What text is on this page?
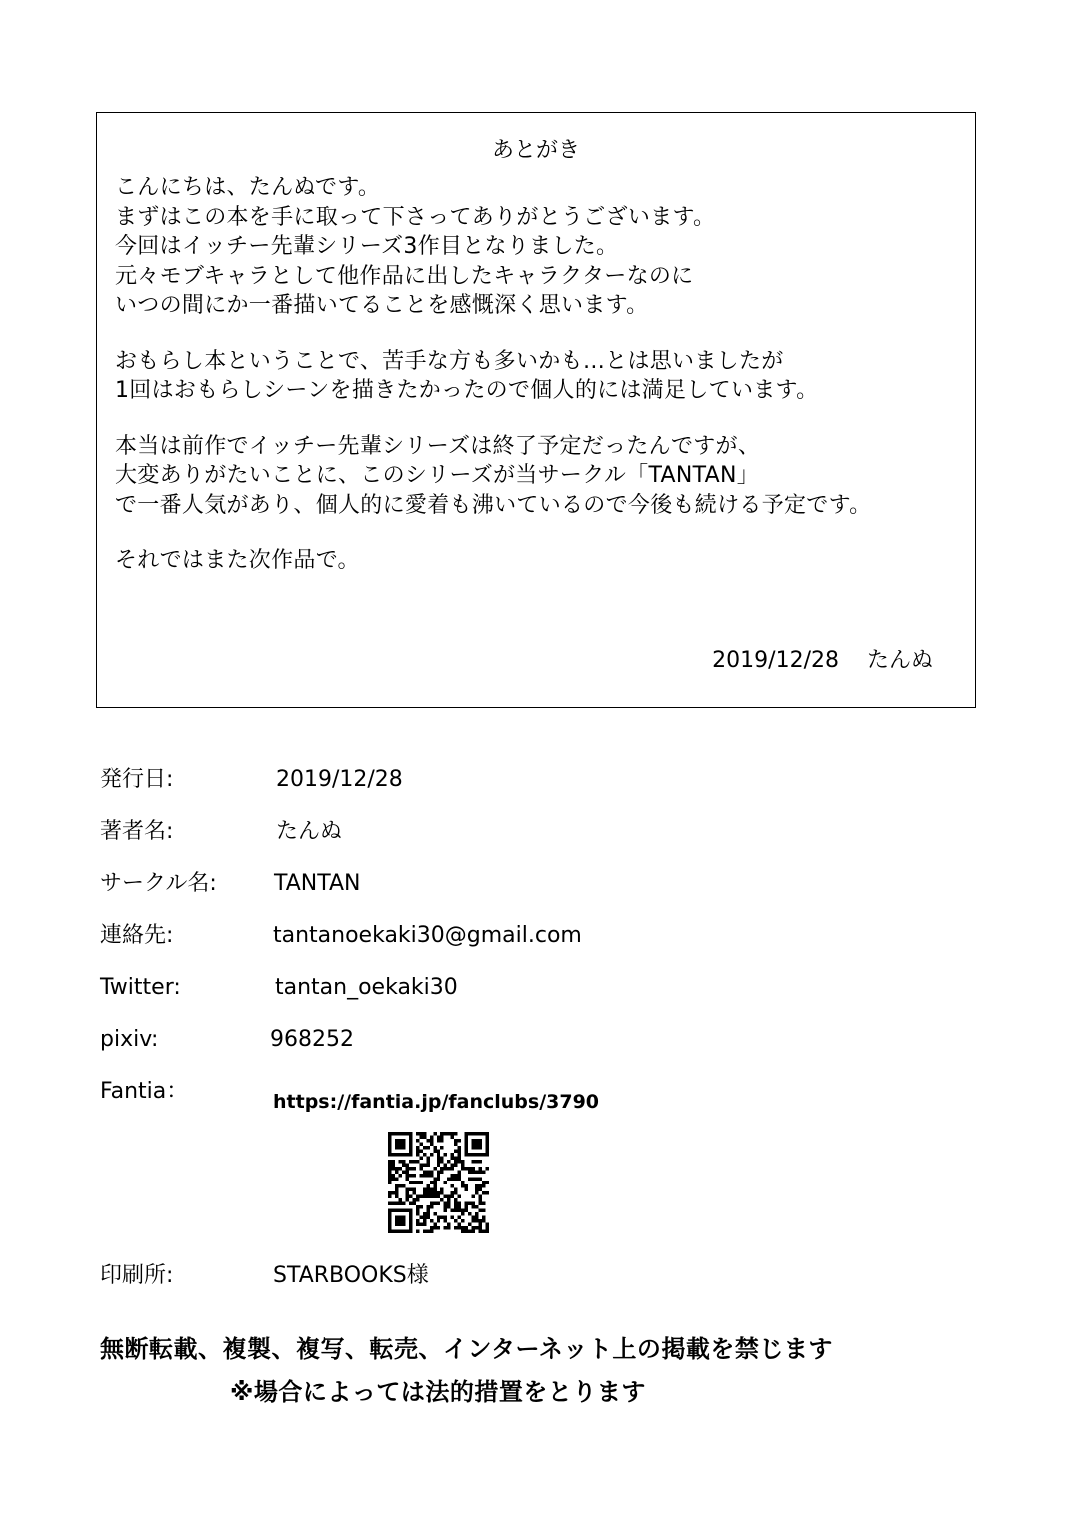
あとがき
こんにちは、たんぬです。
まずはこの本を手に取って下さってありがとうございます。
今回はイッチー先輩シリーズ3作目となりました。
元々モブキャラとして他作品に出したキャラクターなのに
いつの間にか一番描いてることを感慨深く思います。
おもらし本ということで、苦手な方も多いかも…とは思いましたが
1回はおもらしシーンを描きたかったので個人的には満足しています。
本当は前作でイッチー先輩シリーズは終了予定だったんですが、
大変ありがたいことに、このシリーズが当サークル「TANTAN」
で一番人気があり、個人的に愛着も沸いているので今後も続ける予定です。
それではまた次作品で。
2019/12/28 たんぬ
発行日:	2019/12/28
著者名:	たんぬ
サークル名:	TANTAN
連絡先:	tantanoekaki30@gmail.com
Twitter:	tantan_oekaki30
pixiv:	968252
Fantia：	https://fantia.jp/fanclubs/3790
印刷所:	STARBOOKS様
無断転載、複製、複写、転売、インターネット上の掲載を禁じます
※場合によっては法的措置をとります
